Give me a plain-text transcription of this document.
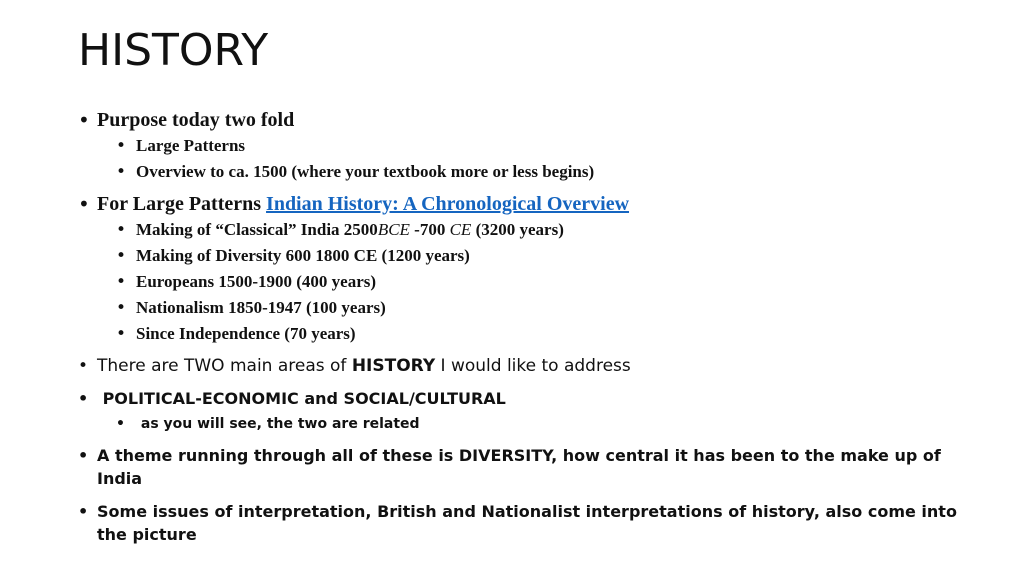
HISTORY
• Purpose today two fold
• Large Patterns
• Overview to ca. 1500 (where your textbook more or less begins)
• For Large Patterns Indian History: A Chronological Overview
• Making of “Classical” India 2500BCE -700 CE (3200 years)
• Making of Diversity 600 1800 CE (1200 years)
• Europeans 1500-1900 (400 years)
• Nationalism 1850-1947 (100 years)
• Since Independence (70 years)
• There are TWO main areas of HISTORY I would like to address
• POLITICAL-ECONOMIC and SOCIAL/CULTURAL
• as you will see, the two are related
• A theme running through all of these is DIVERSITY, how central it has been to the make up of India
• Some issues of interpretation, British and Nationalist interpretations of history, also come into the picture
